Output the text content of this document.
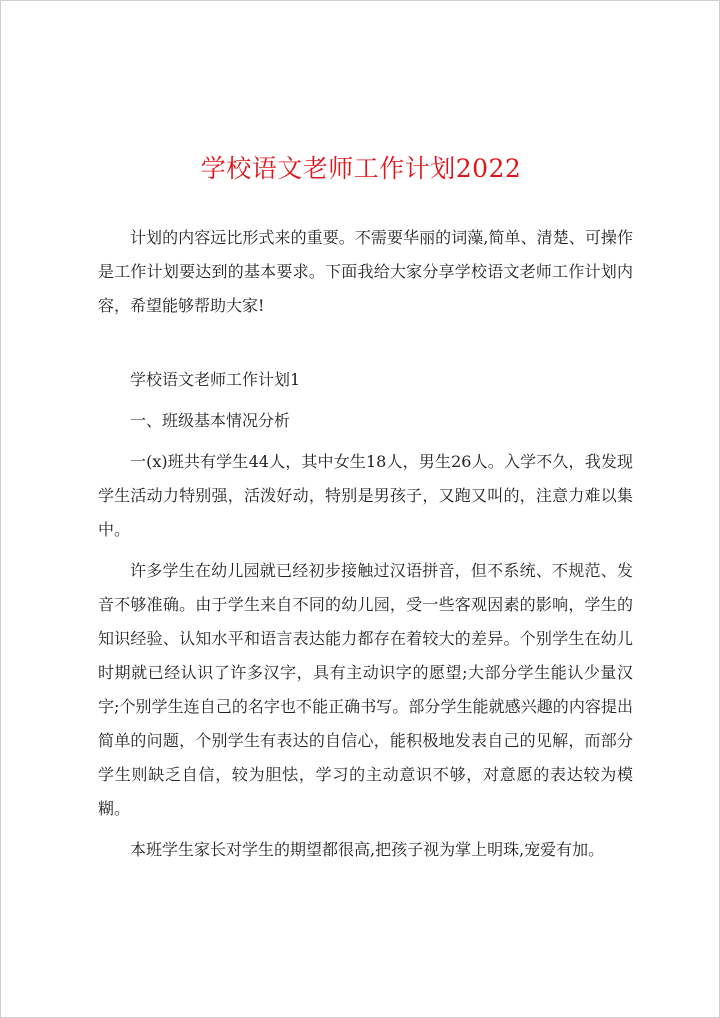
学校语文老师工作计划2022

计划的内容远比形式来的重要。不需要华丽的词藻,简单、清楚、可操作是工作计划要达到的基本要求。下面我给大家分享学校语文老师工作计划内容，希望能够帮助大家!

学校语文老师工作计划1

一、班级基本情况分析

一(x)班共有学生44人，其中女生18人，男生26人。入学不久，我发现学生活动力特别强，活泼好动，特别是男孩子，又跑又叫的，注意力难以集中。

许多学生在幼儿园就已经初步接触过汉语拼音，但不系统、不规范、发音不够准确。由于学生来自不同的幼儿园，受一些客观因素的影响，学生的知识经验、认知水平和语言表达能力都存在着较大的差异。个别学生在幼儿时期就已经认识了许多汉字，具有主动识字的愿望;大部分学生能认少量汉字;个别学生连自己的名字也不能正确书写。部分学生能就感兴趣的内容提出简单的问题，个别学生有表达的自信心，能积极地发表自己的见解，而部分学生则缺乏自信，较为胆怯，学习的主动意识不够，对意愿的表达较为模糊。

本班学生家长对学生的期望都很高,把孩子视为掌上明珠,宠爱有加。
